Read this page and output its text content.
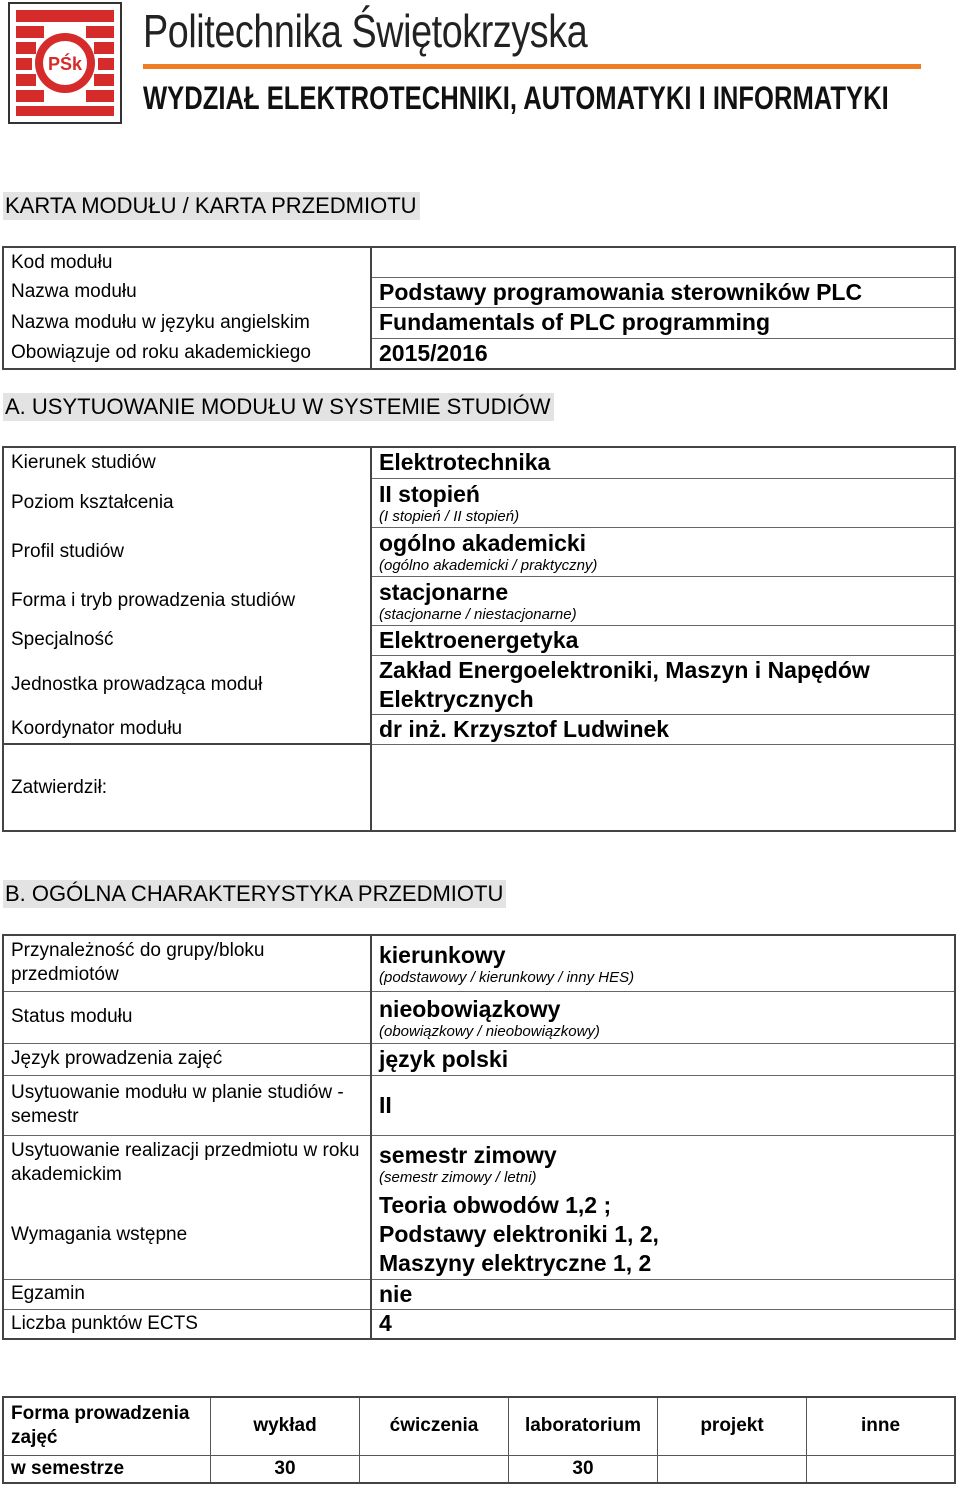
PŚk
Politechnika Świętokrzyska
WYDZIAŁ ELEKTROTECHNIKI, AUTOMATYKI I INFORMATYKI
KARTA MODUŁU / KARTA PRZEDMIOTU
Kod modułu	
Nazwa modułu	Podstawy programowania sterowników PLC
Nazwa modułu w języku angielskim	Fundamentals of PLC programming
Obowiązuje od roku akademickiego	2015/2016
A. USYTUOWANIE MODUŁU W SYSTEMIE STUDIÓW
Kierunek studiów	Elektrotechnika
Poziom kształcenia	II stopień
(I stopień / II stopień)

Profil studiów	ogólno akademicki
(ogólno akademicki / praktyczny)

Forma i tryb prowadzenia studiów	stacjonarne
(stacjonarne / niestacjonarne)

Specjalność	Elektroenergetyka
Jednostka prowadząca moduł	Zakład Energoelektroniki, Maszyn i Napędów
Elektrycznych

Koordynator modułu	dr inż. Krzysztof Ludwinek
Zatwierdził:	
B. OGÓLNA CHARAKTERYSTYKA PRZEDMIOTU
Przynależność do grupy/bloku przedmiotów	kierunkowy
(podstawowy / kierunkowy / inny HES)

Status modułu	nieobowiązkowy
(obowiązkowy / nieobowiązkowy)

Język prowadzenia zajęć	język polski
Usytuowanie modułu w planie studiów - semestr	II
Usytuowanie realizacji przedmiotu w roku akademickim	semestr zimowy
(semestr zimowy / letni)

Wymagania wstępne	Teoria obwodów 1,2 ;
Podstawy elektroniki 1, 2,
Maszyny elektryczne 1, 2

Egzamin	nie
Liczba punktów ECTS	4
Forma prowadzenia zajęć	wykład	ćwiczenia	laboratorium	projekt	inne
w semestrze	30		30		
